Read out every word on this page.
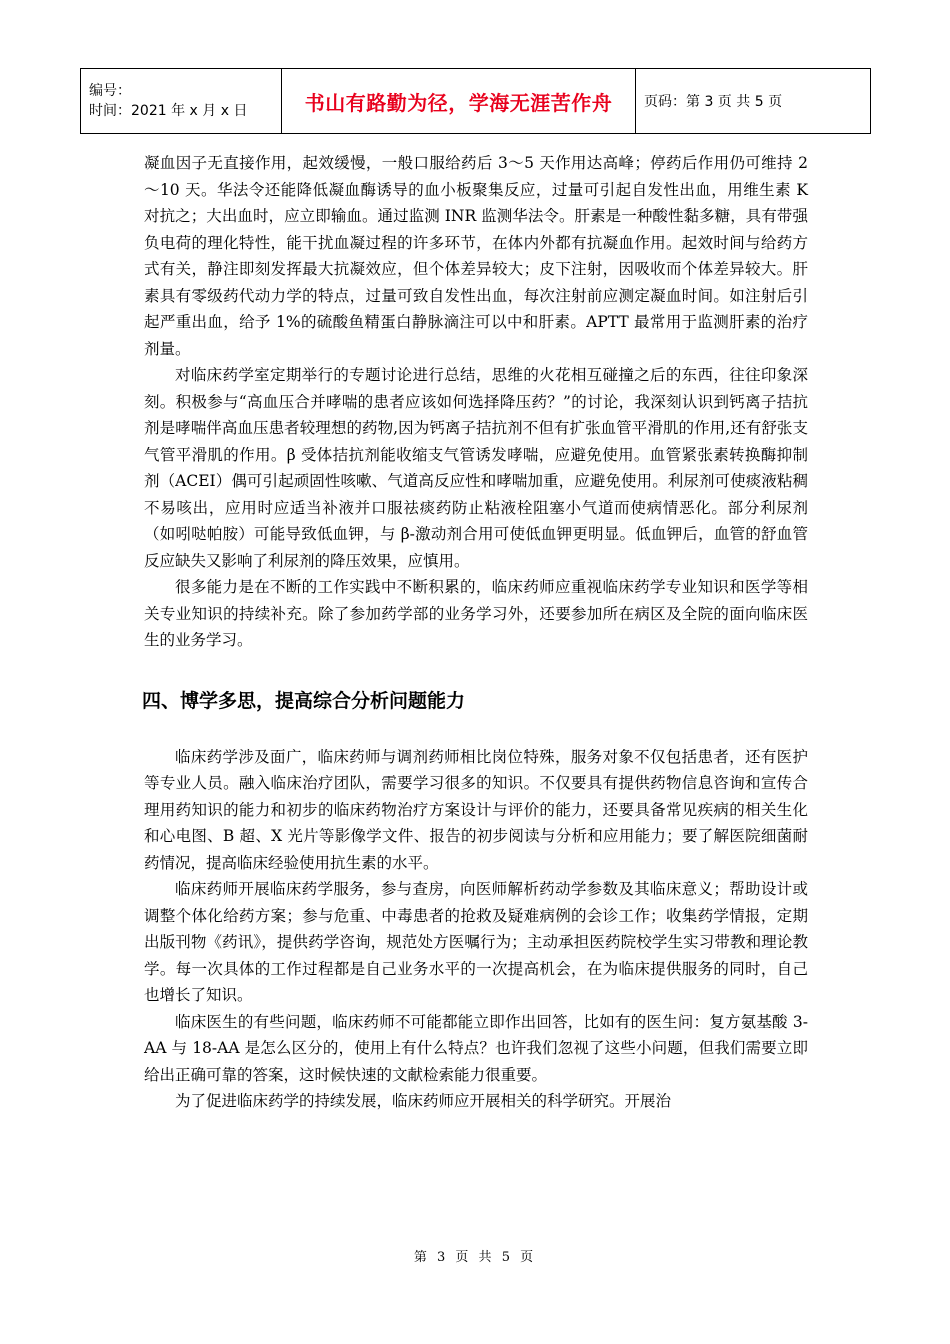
编号：
时间：2021 年 x 月 x 日	书山有路勤为径，学海无涯苦作舟	页码：第 3 页 共 5 页

凝血因子无直接作用，起效缓慢，一般口服给药后 3～5 天作用达高峰；停药后作用仍可维持 2～10 天。华法令还能降低凝血酶诱导的血小板聚集反应，过量可引起自发性出血，用维生素 K 对抗之；大出血时，应立即输血。通过监测 INR 监测华法令。肝素是一种酸性黏多糖，具有带强负电荷的理化特性，能干扰血凝过程的许多环节，在体内外都有抗凝血作用。起效时间与给药方式有关，静注即刻发挥最大抗凝效应，但个体差异较大；皮下注射，因吸收而个体差异较大。肝素具有零级药代动力学的特点，过量可致自发性出血，每次注射前应测定凝血时间。如注射后引起严重出血，给予 1%的硫酸鱼精蛋白静脉滴注可以中和肝素。APTT 最常用于监测肝素的治疗剂量。

对临床药学室定期举行的专题讨论进行总结，思维的火花相互碰撞之后的东西，往往印象深刻。积极参与“高血压合并哮喘的患者应该如何选择降压药？”的讨论，我深刻认识到钙离子拮抗剂是哮喘伴高血压患者较理想的药物,因为钙离子拮抗剂不但有扩张血管平滑肌的作用,还有舒张支气管平滑肌的作用。β 受体拮抗剂能收缩支气管诱发哮喘，应避免使用。血管紧张素转换酶抑制剂（ACEI）偶可引起顽固性咳嗽、气道高反应性和哮喘加重，应避免使用。利尿剂可使痰液粘稠不易咳出，应用时应适当补液并口服祛痰药防止粘液栓阻塞小气道而使病情恶化。部分利尿剂（如吲哒帕胺）可能导致低血钾，与 β-激动剂合用可使低血钾更明显。低血钾后，血管的舒血管反应缺失又影响了利尿剂的降压效果，应慎用。

很多能力是在不断的工作实践中不断积累的，临床药师应重视临床药学专业知识和医学等相关专业知识的持续补充。除了参加药学部的业务学习外，还要参加所在病区及全院的面向临床医生的业务学习。

四、博学多思，提高综合分析问题能力

临床药学涉及面广，临床药师与调剂药师相比岗位特殊，服务对象不仅包括患者，还有医护等专业人员。融入临床治疗团队，需要学习很多的知识。不仅要具有提供药物信息咨询和宣传合理用药知识的能力和初步的临床药物治疗方案设计与评价的能力，还要具备常见疾病的相关生化和心电图、B 超、X 光片等影像学文件、报告的初步阅读与分析和应用能力；要了解医院细菌耐药情况，提高临床经验使用抗生素的水平。

临床药师开展临床药学服务，参与查房，向医师解析药动学参数及其临床意义；帮助设计或调整个体化给药方案；参与危重、中毒患者的抢救及疑难病例的会诊工作；收集药学情报，定期出版刊物《药讯》，提供药学咨询，规范处方医嘱行为；主动承担医药院校学生实习带教和理论教学。每一次具体的工作过程都是自己业务水平的一次提高机会，在为临床提供服务的同时，自己也增长了知识。

临床医生的有些问题，临床药师不可能都能立即作出回答，比如有的医生问：复方氨基酸 3-AA 与 18-AA 是怎么区分的，使用上有什么特点？也许我们忽视了这些小问题，但我们需要立即给出正确可靠的答案，这时候快速的文献检索能力很重要。

为了促进临床药学的持续发展，临床药师应开展相关的科学研究。开展治

第 3 页 共 5 页
